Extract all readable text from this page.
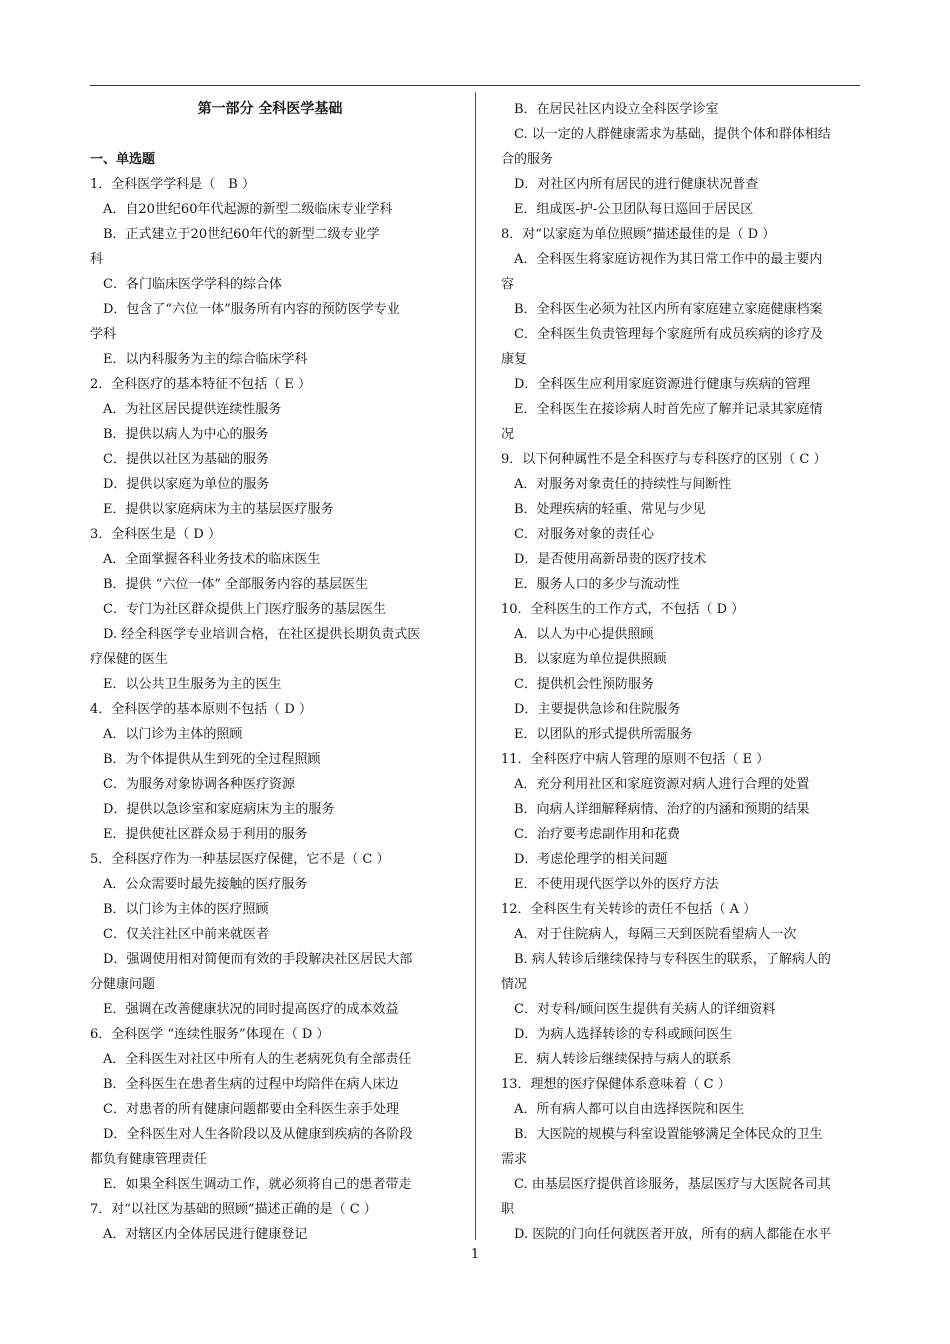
第一部分 全科医学基础

一、单选题

1．全科医学学科是（　B ）

　A．自20世纪60年代起源的新型二级临床专业学科

　B．正式建立于20世纪60年代的新型二级专业学

科

　C．各门临床医学学科的综合体

　D．包含了“六位一体”服务所有内容的预防医学专业

学科

　E．以内科服务为主的综合临床学科

2．全科医疗的基本特征不包括（ E ）

　A．为社区居民提供连续性服务

　B．提供以病人为中心的服务

　C．提供以社区为基础的服务

　D．提供以家庭为单位的服务

　E．提供以家庭病床为主的基层医疗服务

3．全科医生是（ D ）

　A．全面掌握各科业务技术的临床医生

　B．提供 “六位一体” 全部服务内容的基层医生

　C．专门为社区群众提供上门医疗服务的基层医生

　D. 经全科医学专业培训合格，在社区提供长期负责式医

疗保健的医生

　E．以公共卫生服务为主的医生

4．全科医学的基本原则不包括（ D ）

　A．以门诊为主体的照顾

　B．为个体提供从生到死的全过程照顾

　C．为服务对象协调各种医疗资源

　D．提供以急诊室和家庭病床为主的服务

　E．提供使社区群众易于利用的服务

5．全科医疗作为一种基层医疗保健，它不是（ C ）

　A．公众需要时最先接触的医疗服务

　B．以门诊为主体的医疗照顾

　C．仅关注社区中前来就医者

　D．强调使用相对简便而有效的手段解决社区居民大部

分健康问题

　E．强调在改善健康状况的同时提高医疗的成本效益

6．全科医学 “连续性服务”体现在（ D ）

　A．全科医生对社区中所有人的生老病死负有全部责任

　B．全科医生在患者生病的过程中均陪伴在病人床边

　C．对患者的所有健康问题都要由全科医生亲手处理

　D．全科医生对人生各阶段以及从健康到疾病的各阶段

都负有健康管理责任

　E．如果全科医生调动工作，就必须将自己的患者带走

7．对“以社区为基础的照顾”描述正确的是（ C ）

　A．对辖区内全体居民进行健康登记

　B．在居民社区内设立全科医学诊室

　C. 以一定的人群健康需求为基础，提供个体和群体相结

合的服务

　D．对社区内所有居民的进行健康状况普查

　E．组成医-护-公卫团队每日巡回于居民区

8．对“以家庭为单位照顾”描述最佳的是（ D ）

　A．全科医生将家庭访视作为其日常工作中的最主要内

容

　B．全科医生必须为社区内所有家庭建立家庭健康档案

　C．全科医生负责管理每个家庭所有成员疾病的诊疗及

康复

　D．全科医生应利用家庭资源进行健康与疾病的管理

　E．全科医生在接诊病人时首先应了解并记录其家庭情

况

9．以下何种属性不是全科医疗与专科医疗的区别（ C ）

　A．对服务对象责任的持续性与间断性

　B．处理疾病的轻重、常见与少见

　C．对服务对象的责任心

　D．是否使用高新昂贵的医疗技术

　E．服务人口的多少与流动性

10．全科医生的工作方式，不包括（ D ）

　A．以人为中心提供照顾

　B．以家庭为单位提供照顾

　C．提供机会性预防服务

　D．主要提供急诊和住院服务

　E．以团队的形式提供所需服务

11．全科医疗中病人管理的原则不包括（ E ）

　A．充分利用社区和家庭资源对病人进行合理的处置

　B．向病人详细解释病情、治疗的内涵和预期的结果

　C．治疗要考虑副作用和花费

　D．考虑伦理学的相关问题

　E．不使用现代医学以外的医疗方法

12．全科医生有关转诊的责任不包括（ A ）

　A．对于住院病人，每隔三天到医院看望病人一次

　B. 病人转诊后继续保持与专科医生的联系，了解病人的

情况

　C．对专科/顾问医生提供有关病人的详细资料

　D．为病人选择转诊的专科或顾问医生

　E．病人转诊后继续保持与病人的联系

13．理想的医疗保健体系意味着（ C ）

　A．所有病人都可以自由选择医院和医生

　B．大医院的规模与科室设置能够满足全体民众的卫生

需求

　C. 由基层医疗提供首诊服务，基层医疗与大医院各司其

职

　D. 医院的门向任何就医者开放，所有的病人都能在水平

1
